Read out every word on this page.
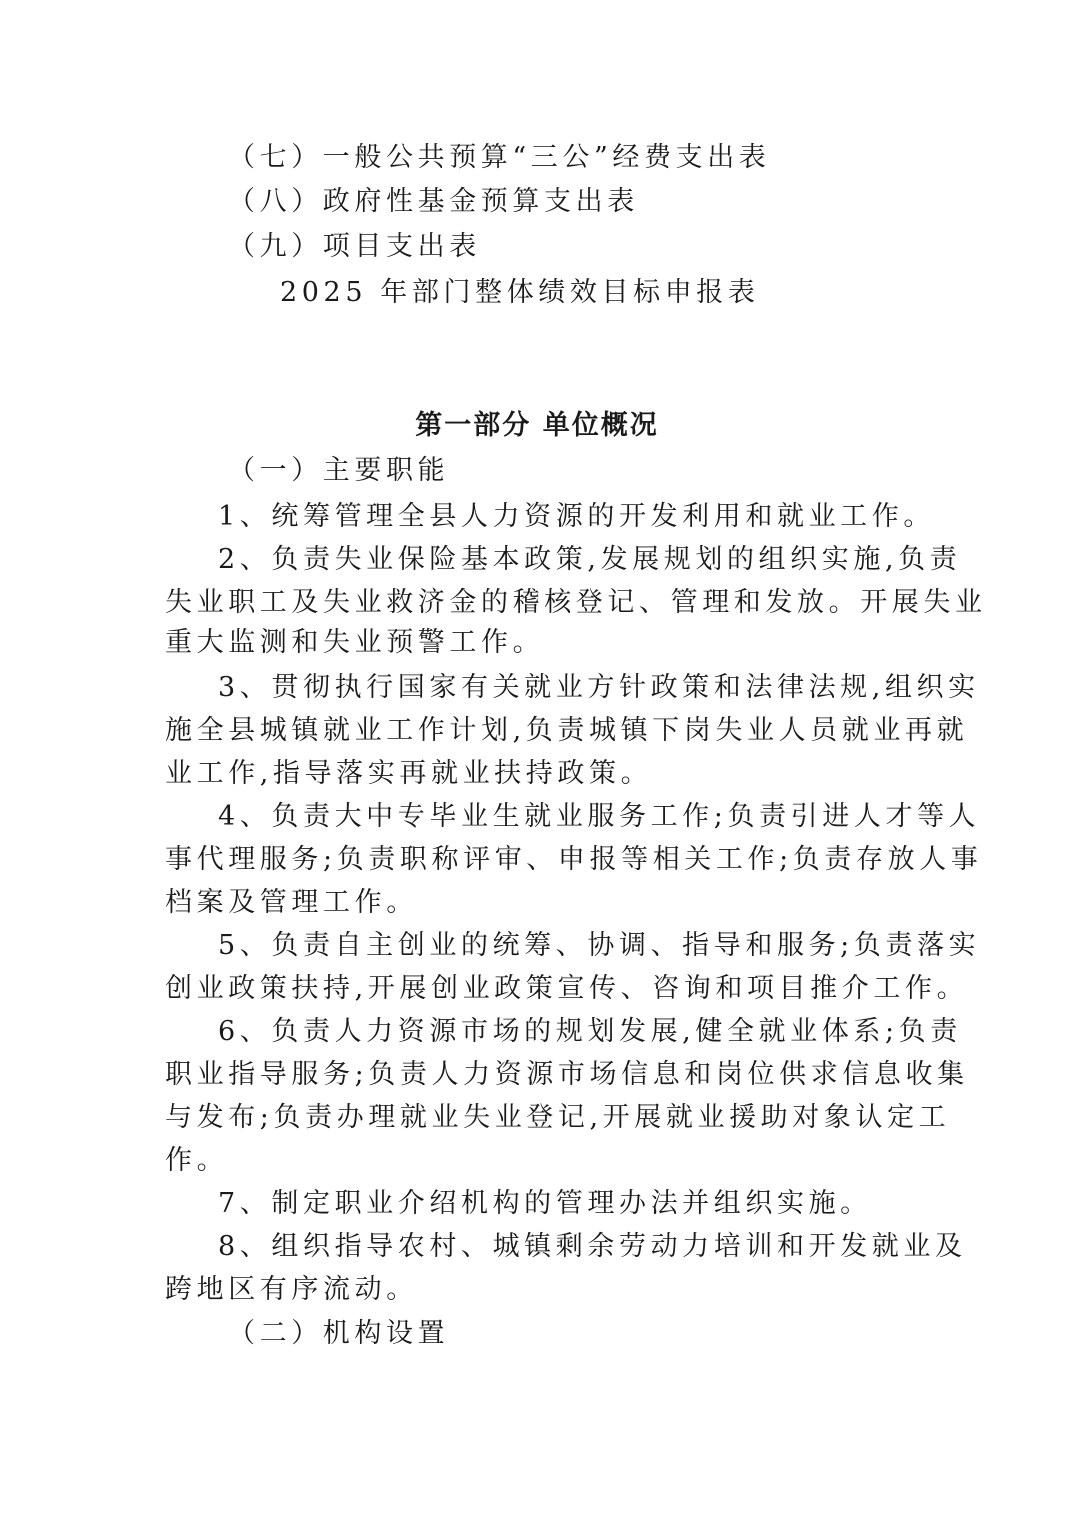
（七）一般公共预算“三公”经费支出表
（八）政府性基金预算支出表
（九）项目支出表
2025 年部门整体绩效目标申报表
第一部分 单位概况
（一）主要职能
1、统筹管理全县人力资源的开发利用和就业工作。
2、负责失业保险基本政策,发展规划的组织实施,负责
失业职工及失业救济金的稽核登记、管理和发放。开展失业
重大监测和失业预警工作。
3、贯彻执行国家有关就业方针政策和法律法规,组织实
施全县城镇就业工作计划,负责城镇下岗失业人员就业再就
业工作,指导落实再就业扶持政策。
4、负责大中专毕业生就业服务工作;负责引进人才等人
事代理服务;负责职称评审、申报等相关工作;负责存放人事
档案及管理工作。
5、负责自主创业的统筹、协调、指导和服务;负责落实
创业政策扶持,开展创业政策宣传、咨询和项目推介工作。
6、负责人力资源市场的规划发展,健全就业体系;负责
职业指导服务;负责人力资源市场信息和岗位供求信息收集
与发布;负责办理就业失业登记,开展就业援助对象认定工
作。
7、制定职业介绍机构的管理办法并组织实施。
8、组织指导农村、城镇剩余劳动力培训和开发就业及
跨地区有序流动。
（二）机构设置
